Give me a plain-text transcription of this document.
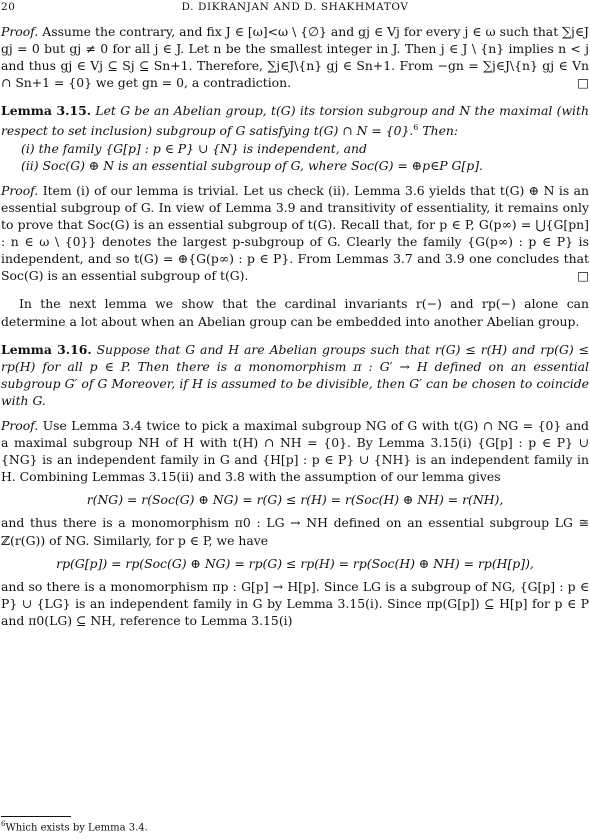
20	D. DIKRANJAN AND D. SHAKHMATOV

Proof. Assume the contrary, and fix J ∈ [ω]<ω \ {∅} and gj ∈ Vj for every j ∈ ω such that ∑j∈J gj = 0 but gj ≠ 0 for all j ∈ J. Let n be the smallest integer in J. Then j ∈ J \ {n} implies n < j and thus gj ∈ Vj ⊆ Sj ⊆ Sn+1. Therefore, ∑j∈J\{n} gj ∈ Sn+1. From −gn = ∑j∈J\{n} gj ∈ Vn ∩ Sn+1 = {0} we get gn = 0, a contradiction.	□

Lemma 3.15. Let G be an Abelian group, t(G) its torsion subgroup and N the maximal (with respect to set inclusion) subgroup of G satisfying t(G) ∩ N = {0}.$^6$ Then:

(i) the family {G[p] : p ∈ P} ∪ {N} is independent, and

(ii) Soc(G) ⊕ N is an essential subgroup of G, where Soc(G) = ⊕p∈P G[p].

Proof. Item (i) of our lemma is trivial. Let us check (ii). Lemma 3.6 yields that t(G) ⊕ N is an essential subgroup of G. In view of Lemma 3.9 and transitivity of essentiality, it remains only to prove that Soc(G) is an essential subgroup of t(G). Recall that, for p ∈ P, G(p∞) = ⋃{G[pn] : n ∈ ω \ {0}} denotes the largest p-subgroup of G. Clearly the family {G(p∞) : p ∈ P} is independent, and so t(G) = ⊕{G(p∞) : p ∈ P}. From Lemmas 3.7 and 3.9 one concludes that Soc(G) is an essential subgroup of t(G).	□

In the next lemma we show that the cardinal invariants r(−) and rp(−) alone can determine a lot about when an Abelian group can be embedded into another Abelian group.

Lemma 3.16. Suppose that G and H are Abelian groups such that r(G) ≤ r(H) and rp(G) ≤ rp(H) for all p ∈ P. Then there is a monomorphism π : G′ → H defined on an essential subgroup G′ of G Moreover, if H is assumed to be divisible, then G′ can be chosen to coincide with G.

Proof. Use Lemma 3.4 twice to pick a maximal subgroup NG of G with t(G) ∩ NG = {0} and a maximal subgroup NH of H with t(H) ∩ NH = {0}. By Lemma 3.15(i) {G[p] : p ∈ P} ∪ {NG} is an independent family in G and {H[p] : p ∈ P} ∪ {NH} is an independent family in H. Combining Lemmas 3.15(ii) and 3.8 with the assumption of our lemma gives

r(NG) = r(Soc(G) ⊕ NG) = r(G) ≤ r(H) = r(Soc(H) ⊕ NH) = r(NH),

and thus there is a monomorphism π0 : LG → NH defined on an essential subgroup LG ≅ ℤ(r(G)) of NG. Similarly, for p ∈ P, we have

rp(G[p]) = rp(Soc(G) ⊕ NG) = rp(G) ≤ rp(H) = rp(Soc(H) ⊕ NH) = rp(H[p]),

and so there is a monomorphism πp : G[p] → H[p]. Since LG is a subgroup of NG, {G[p] : p ∈ P} ∪ {LG} is an independent family in G by Lemma 3.15(i). Since πp(G[p]) ⊆ H[p] for p ∈ P and π0(LG) ⊆ NH, reference to Lemma 3.15(i)

$^6$Which exists by Lemma 3.4.
